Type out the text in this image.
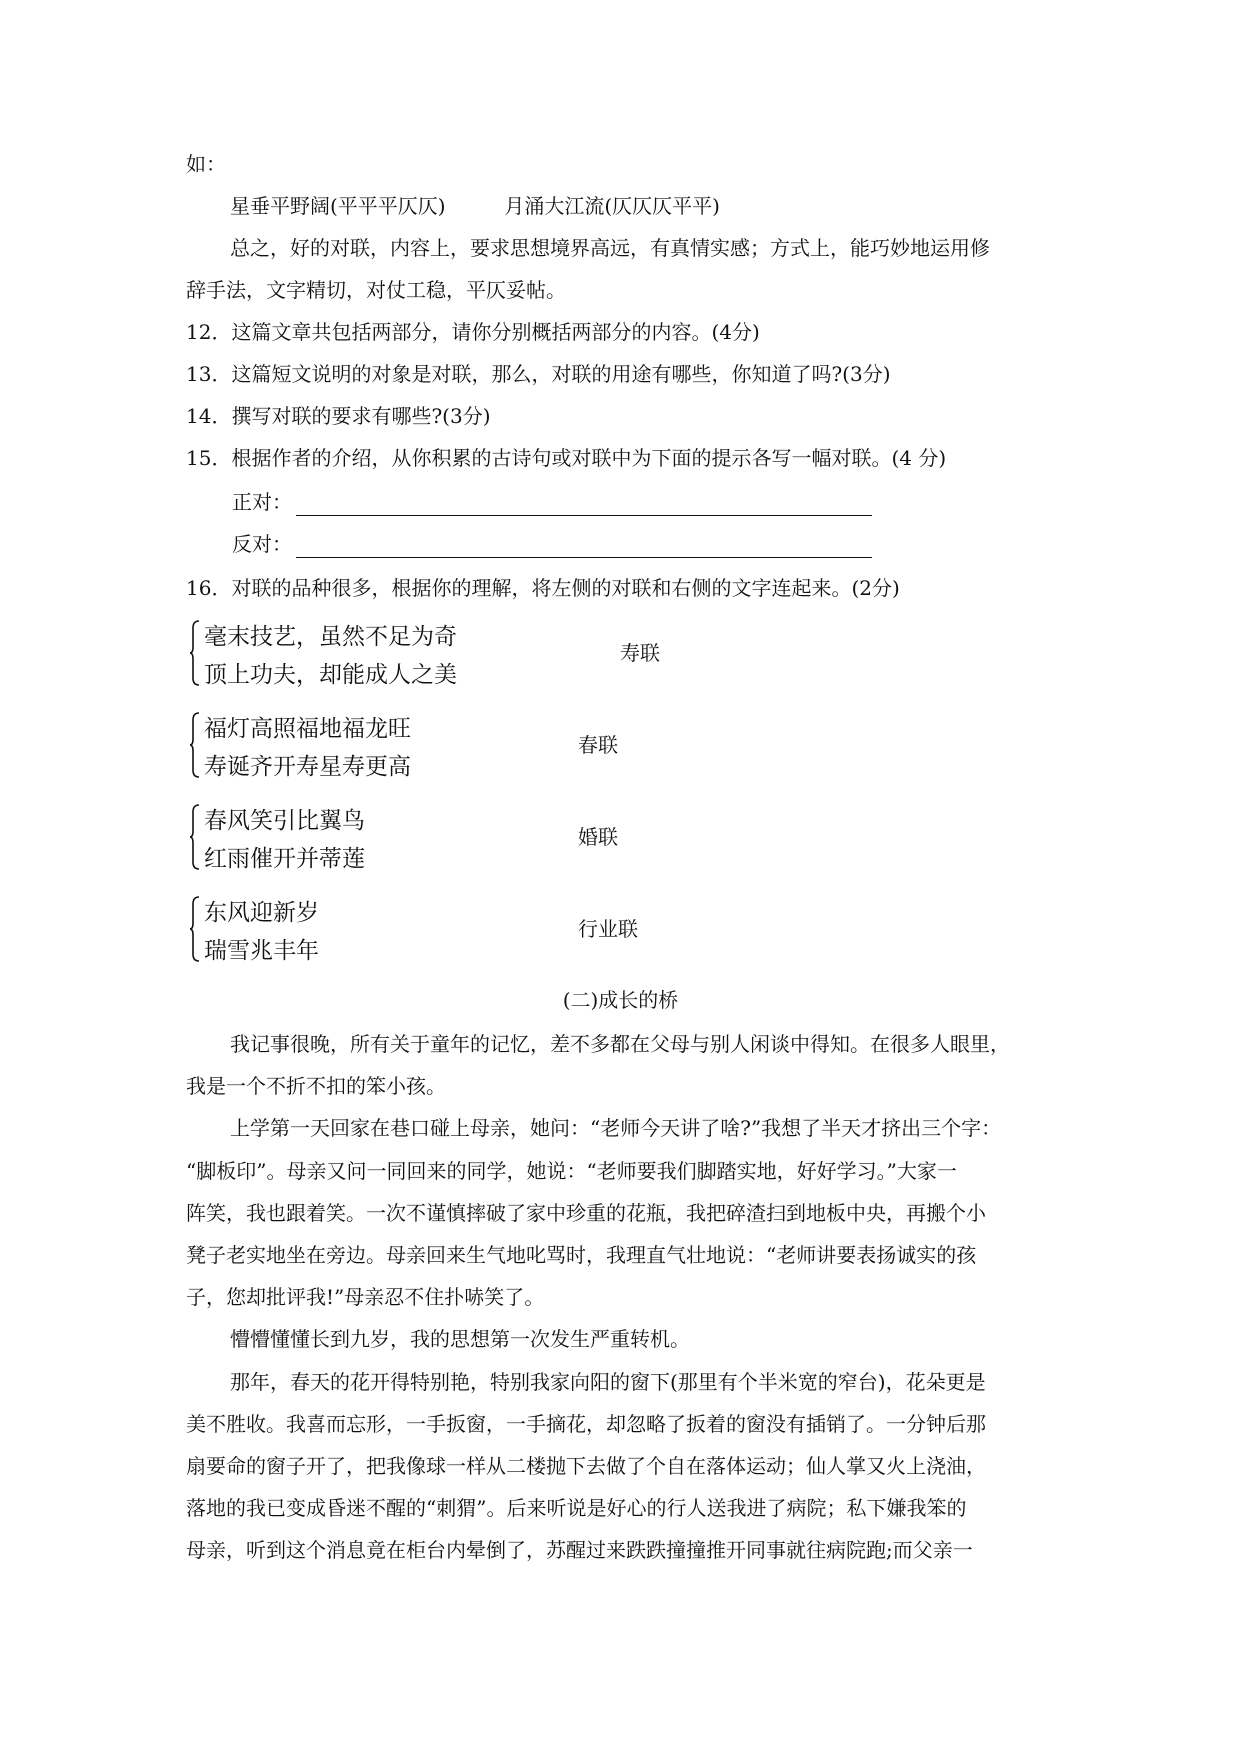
如：
星垂平野阔(平平平仄仄)	月涌大江流(仄仄仄平平)
总之，好的对联，内容上，要求思想境界高远，有真情实感；方式上，能巧妙地运用修
辞手法，文字精切，对仗工稳，平仄妥帖。
12．这篇文章共包括两部分，请你分别概括两部分的内容。(4分)
13．这篇短文说明的对象是对联，那么，对联的用途有哪些，你知道了吗?(3分)
14．撰写对联的要求有哪些?(3分)
15．根据作者的介绍，从你积累的古诗句或对联中为下面的提示各写一幅对联。(4 分)
正对：
反对：
16．对联的品种很多，根据你的理解，将左侧的对联和右侧的文字连起来。(2分)
毫末技艺，虽然不足为奇
顶上功夫，却能成人之美
寿联
福灯高照福地福龙旺
寿诞齐开寿星寿更高
春联
春风笑引比翼鸟
红雨催开并蒂莲
婚联
东风迎新岁
瑞雪兆丰年
行业联
(二)成长的桥
我记事很晚，所有关于童年的记忆，差不多都在父母与别人闲谈中得知。在很多人眼里，
我是一个不折不扣的笨小孩。
上学第一天回家在巷口碰上母亲，她问：“老师今天讲了啥?”我想了半天才挤出三个字：
“脚板印”。母亲又问一同回来的同学，她说：“老师要我们脚踏实地，好好学习。”大家一
阵笑，我也跟着笑。一次不谨慎摔破了家中珍重的花瓶，我把碎渣扫到地板中央，再搬个小
凳子老实地坐在旁边。母亲回来生气地叱骂时，我理直气壮地说：“老师讲要表扬诚实的孩
子，您却批评我!”母亲忍不住扑哧笑了。
懵懵懂懂长到九岁，我的思想第一次发生严重转机。
那年，春天的花开得特别艳，特别我家向阳的窗下(那里有个半米宽的窄台)，花朵更是
美不胜收。我喜而忘形，一手扳窗，一手摘花，却忽略了扳着的窗没有插销了。一分钟后那
扇要命的窗子开了，把我像球一样从二楼抛下去做了个自在落体运动；仙人掌又火上浇油，
落地的我已变成昏迷不醒的“刺猬”。后来听说是好心的行人送我进了病院；私下嫌我笨的
母亲，听到这个消息竟在柜台内晕倒了，苏醒过来跌跌撞撞推开同事就往病院跑;而父亲一
